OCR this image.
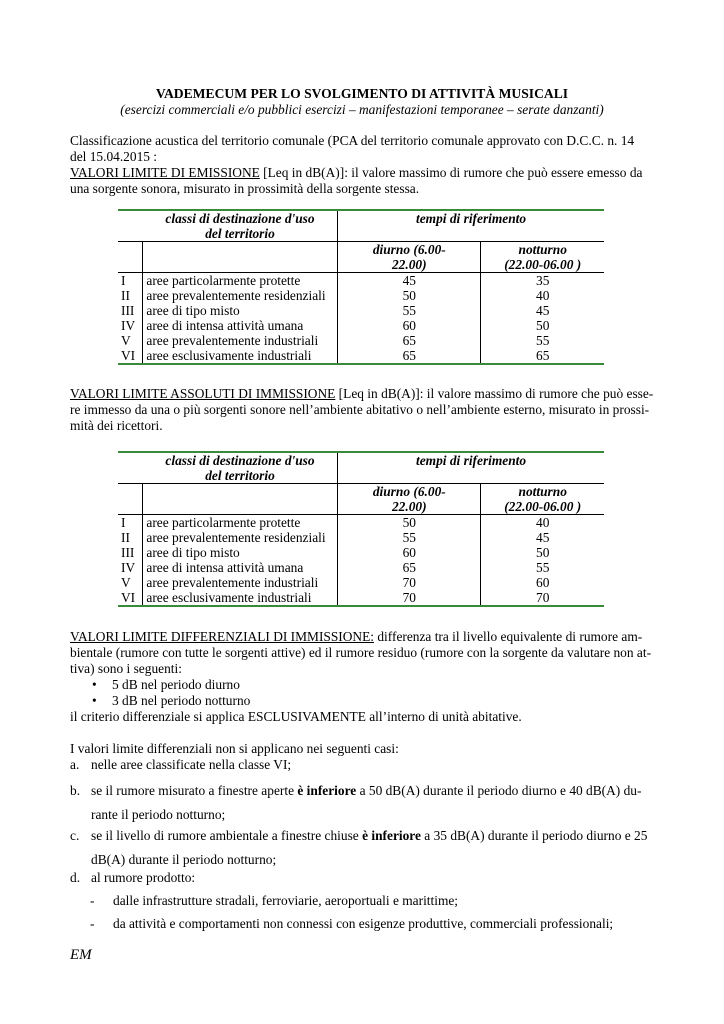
VADEMECUM PER LO SVOLGIMENTO DI ATTIVITÀ MUSICALI
(esercizi commerciali e/o pubblici esercizi – manifestazioni temporanee – serate danzanti)
Classificazione acustica del territorio comunale (PCA del territorio comunale approvato con D.C.C. n. 14
del 15.04.2015 :
VALORI LIMITE DI EMISSIONE [Leq in dB(A)]: il valore massimo di rumore che può essere emesso da
una sorgente sonora, misurato in prossimità della sorgente stessa.
	classi di destinazione d'uso del territorio	tempi di riferimento	
		diurno (6.00-22.00)	notturno (22.00-06.00 )
I	aree particolarmente protette	45	35
II	aree prevalentemente residenziali	50	40
III	aree di tipo misto	55	45
IV	aree di intensa attività umana	60	50
V	aree prevalentemente industriali	65	55
VI	aree esclusivamente industriali	65	65
VALORI LIMITE ASSOLUTI DI IMMISSIONE [Leq in dB(A)]: il valore massimo di rumore che può esse-
re immesso da una o più sorgenti sonore nell’ambiente abitativo o nell’ambiente esterno, misurato in prossi-
mità dei ricettori.
	classi di destinazione d'uso del territorio	tempi di riferimento	
		diurno (6.00-22.00)	notturno (22.00-06.00 )
I	aree particolarmente protette	50	40
II	aree prevalentemente residenziali	55	45
III	aree di tipo misto	60	50
IV	aree di intensa attività umana	65	55
V	aree prevalentemente industriali	70	60
VI	aree esclusivamente industriali	70	70
VALORI LIMITE DIFFERENZIALI DI IMMISSIONE: differenza tra il livello equivalente di rumore am-
bientale (rumore con tutte le sorgenti attive) ed il rumore residuo (rumore con la sorgente da valutare non at-
tiva) sono i seguenti:
• 5 dB nel periodo diurno
• 3 dB nel periodo notturno
il criterio differenziale si applica ESCLUSIVAMENTE all’interno di unità abitative.
I valori limite differenziali non si applicano nei seguenti casi:
a. nelle aree classificate nella classe VI;
b. se il rumore misurato a finestre aperte è inferiore a 50 dB(A) durante il periodo diurno e 40 dB(A) du-
rante il periodo notturno;
c. se il livello di rumore ambientale a finestre chiuse è inferiore a 35 dB(A) durante il periodo diurno e 25
dB(A) durante il periodo notturno;
d. al rumore prodotto:
- dalle infrastrutture stradali, ferroviarie, aeroportuali e marittime;
- da attività e comportamenti non connessi con esigenze produttive, commerciali professionali;
EM
